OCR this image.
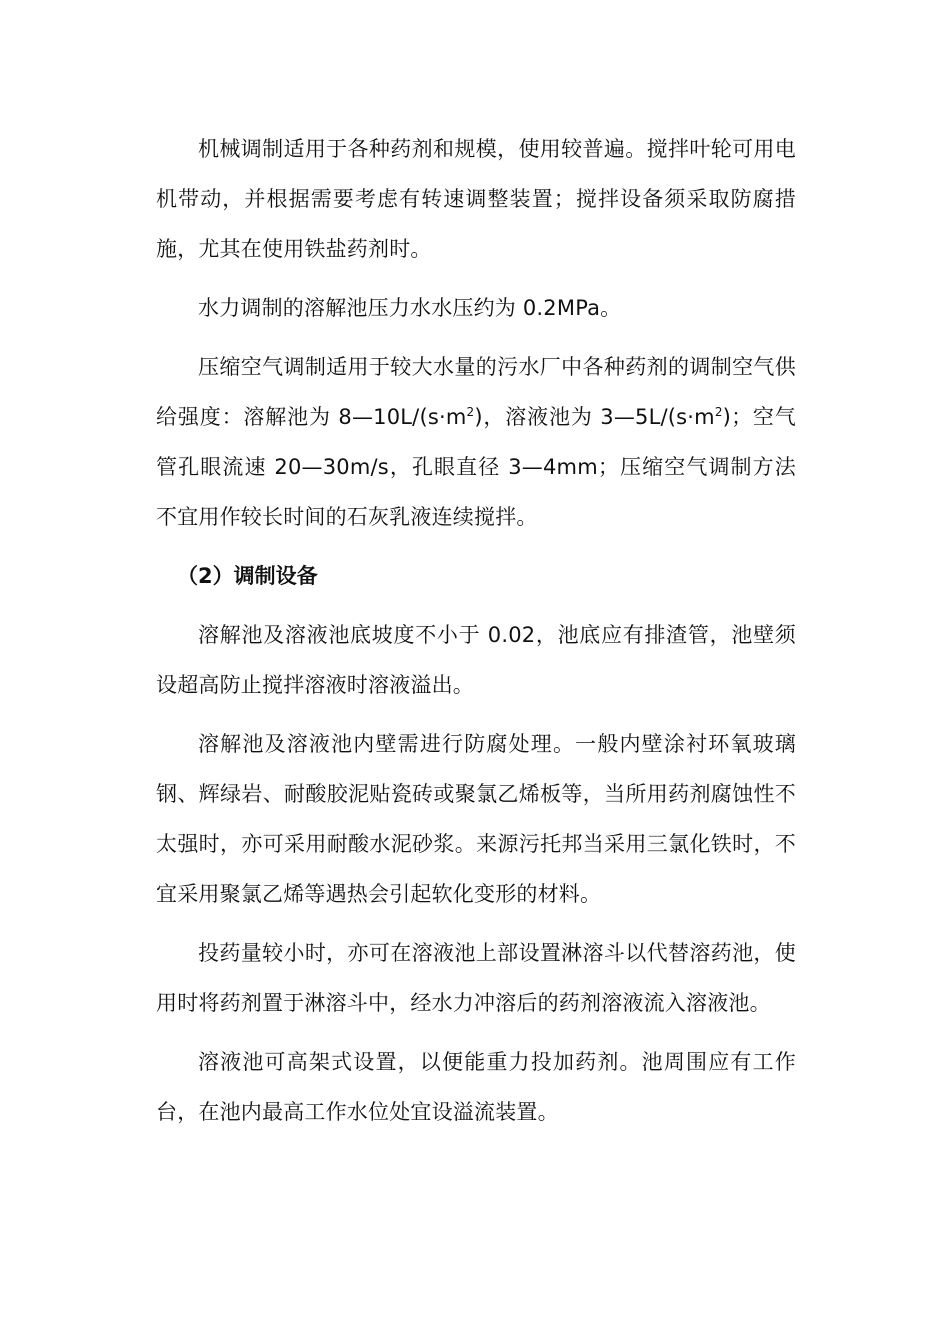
机械调制适用于各种药剂和规模，使用较普遍。搅拌叶轮可用电机带动，并根据需要考虑有转速调整装置；搅拌设备须采取防腐措施，尤其在使用铁盐药剂时。

水力调制的溶解池压力水水压约为 0.2MPa。

压缩空气调制适用于较大水量的污水厂中各种药剂的调制空气供给强度：溶解池为 $8—10L/(s\cdot m^2)$，溶液池为 $3—5L/(s\cdot m^2)$；空气管孔眼流速 20—30m/s，孔眼直径 3—4mm；压缩空气调制方法不宜用作较长时间的石灰乳液连续搅拌。

（2）调制设备

溶解池及溶液池底坡度不小于 0.02，池底应有排渣管，池壁须设超高防止搅拌溶液时溶液溢出。

溶解池及溶液池内壁需进行防腐处理。一般内壁涂衬环氧玻璃钢、辉绿岩、耐酸胶泥贴瓷砖或聚氯乙烯板等，当所用药剂腐蚀性不太强时，亦可采用耐酸水泥砂浆。来源污托邦当采用三氯化铁时，不宜采用聚氯乙烯等遇热会引起软化变形的材料。

投药量较小时，亦可在溶液池上部设置淋溶斗以代替溶药池，使用时将药剂置于淋溶斗中，经水力冲溶后的药剂溶液流入溶液池。

溶液池可高架式设置，以便能重力投加药剂。池周围应有工作台，在池内最高工作水位处宜设溢流装置。
